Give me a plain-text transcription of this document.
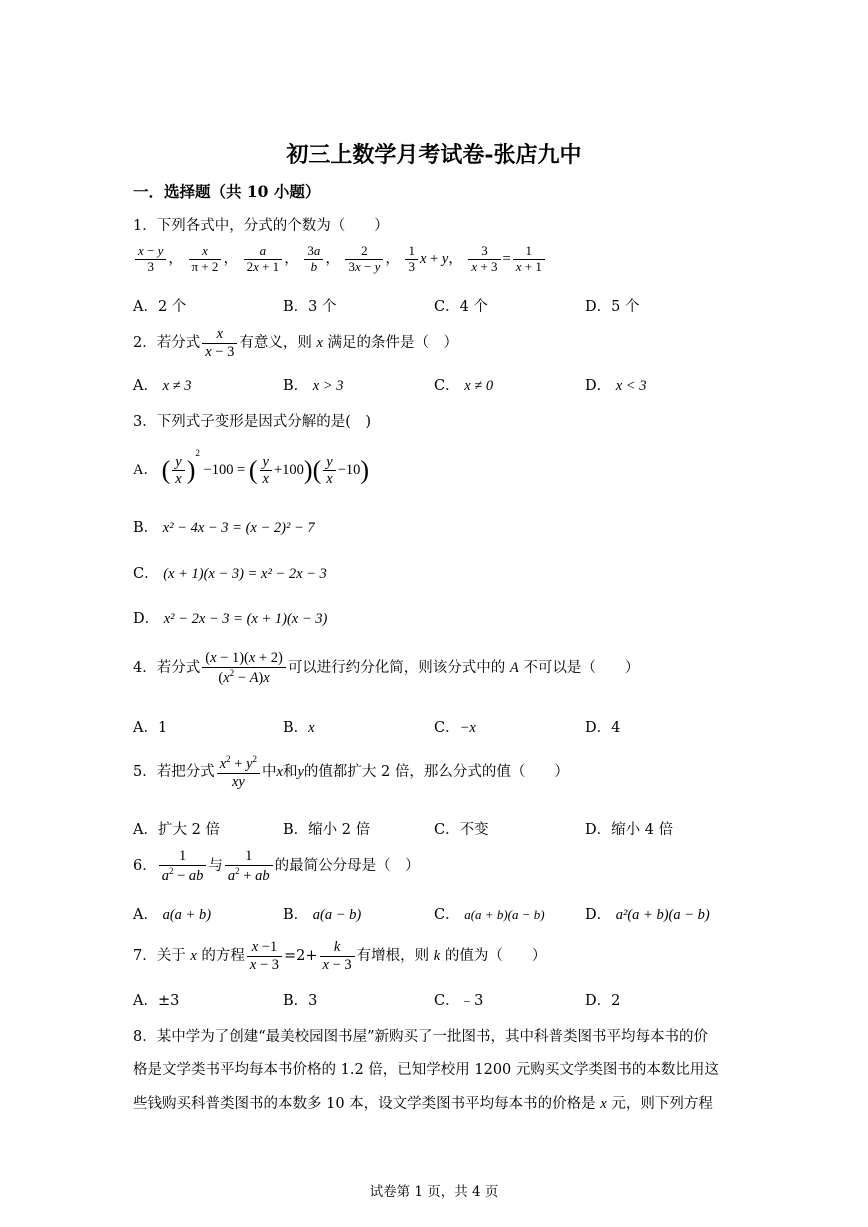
初三上数学月考试卷-张店九中
一．选择题（共 10 小题）
1．下列各式中，分式的个数为（　　）
$\frac{x - y}{3}$ ， $\frac{x}{\pi + 2}$ ， $\frac{a}{2x + 1}$ ， $\frac{3a}{b}$ ， $\frac{2}{3x - y}$ ， $\frac{1}{3}$ x + y， $\frac{3}{x + 3} = \frac{1}{x + 1}$
A．2 个	B．3 个	C．4 个	D．5 个
2．若分式 $\frac{x}{x - 3}$ 有意义，则 x 满足的条件是（　）
A． x ≠ 3	B． x > 3	C． x ≠ 0	D． x < 3
3．下列式子变形是因式分解的是(　)
A． ( $\frac{y}{x} )^2 -100$ = ( $\frac{y}{x} +100)( \frac{y}{x} -10)$
B． x² − 4x − 3 = (x − 2)² − 7
C． (x + 1)(x − 3) = x² − 2x − 3
D． x² − 2x − 3 = (x + 1)(x − 3)
4．若分式 $\frac{(x - 1)(x + 2)}{(x^2 - A)x}$ 可以进行约分化简，则该分式中的 A 不可以是（　　）
A．1	B．x	C．−x	D．4
5．若把分式 $\frac{x^2 + y^2}{xy}$ 中x和y的值都扩大 2 倍，那么分式的值（　　）
A．扩大 2 倍	B．缩小 2 倍	C．不变	D．缩小 4 倍
6． $\frac{1}{a^2 - ab}$ 与 $\frac{1}{a^2 + ab}$ 的最简公分母是（　）
A． a(a + b)	B． a(a − b)	C． a(a + b)(a − b)	D． a²(a + b)(a − b)
7．关于 x 的方程 $\frac{x -1}{x - 3} =2+ \frac{k}{x - 3}$ 有增根，则 k 的值为（　　）
A．±3	B．3	C．﹣3	D．2
8．某中学为了创建“最美校园图书屋”新购买了一批图书，其中科普类图书平均每本书的价
格是文学类书平均每本书价格的 1.2 倍，已知学校用 1200 元购买文学类图书的本数比用这
些钱购买科普类图书的本数多 10 本，设文学类图书平均每本书的价格是 x 元，则下列方程
试卷第 1 页，共 4 页
